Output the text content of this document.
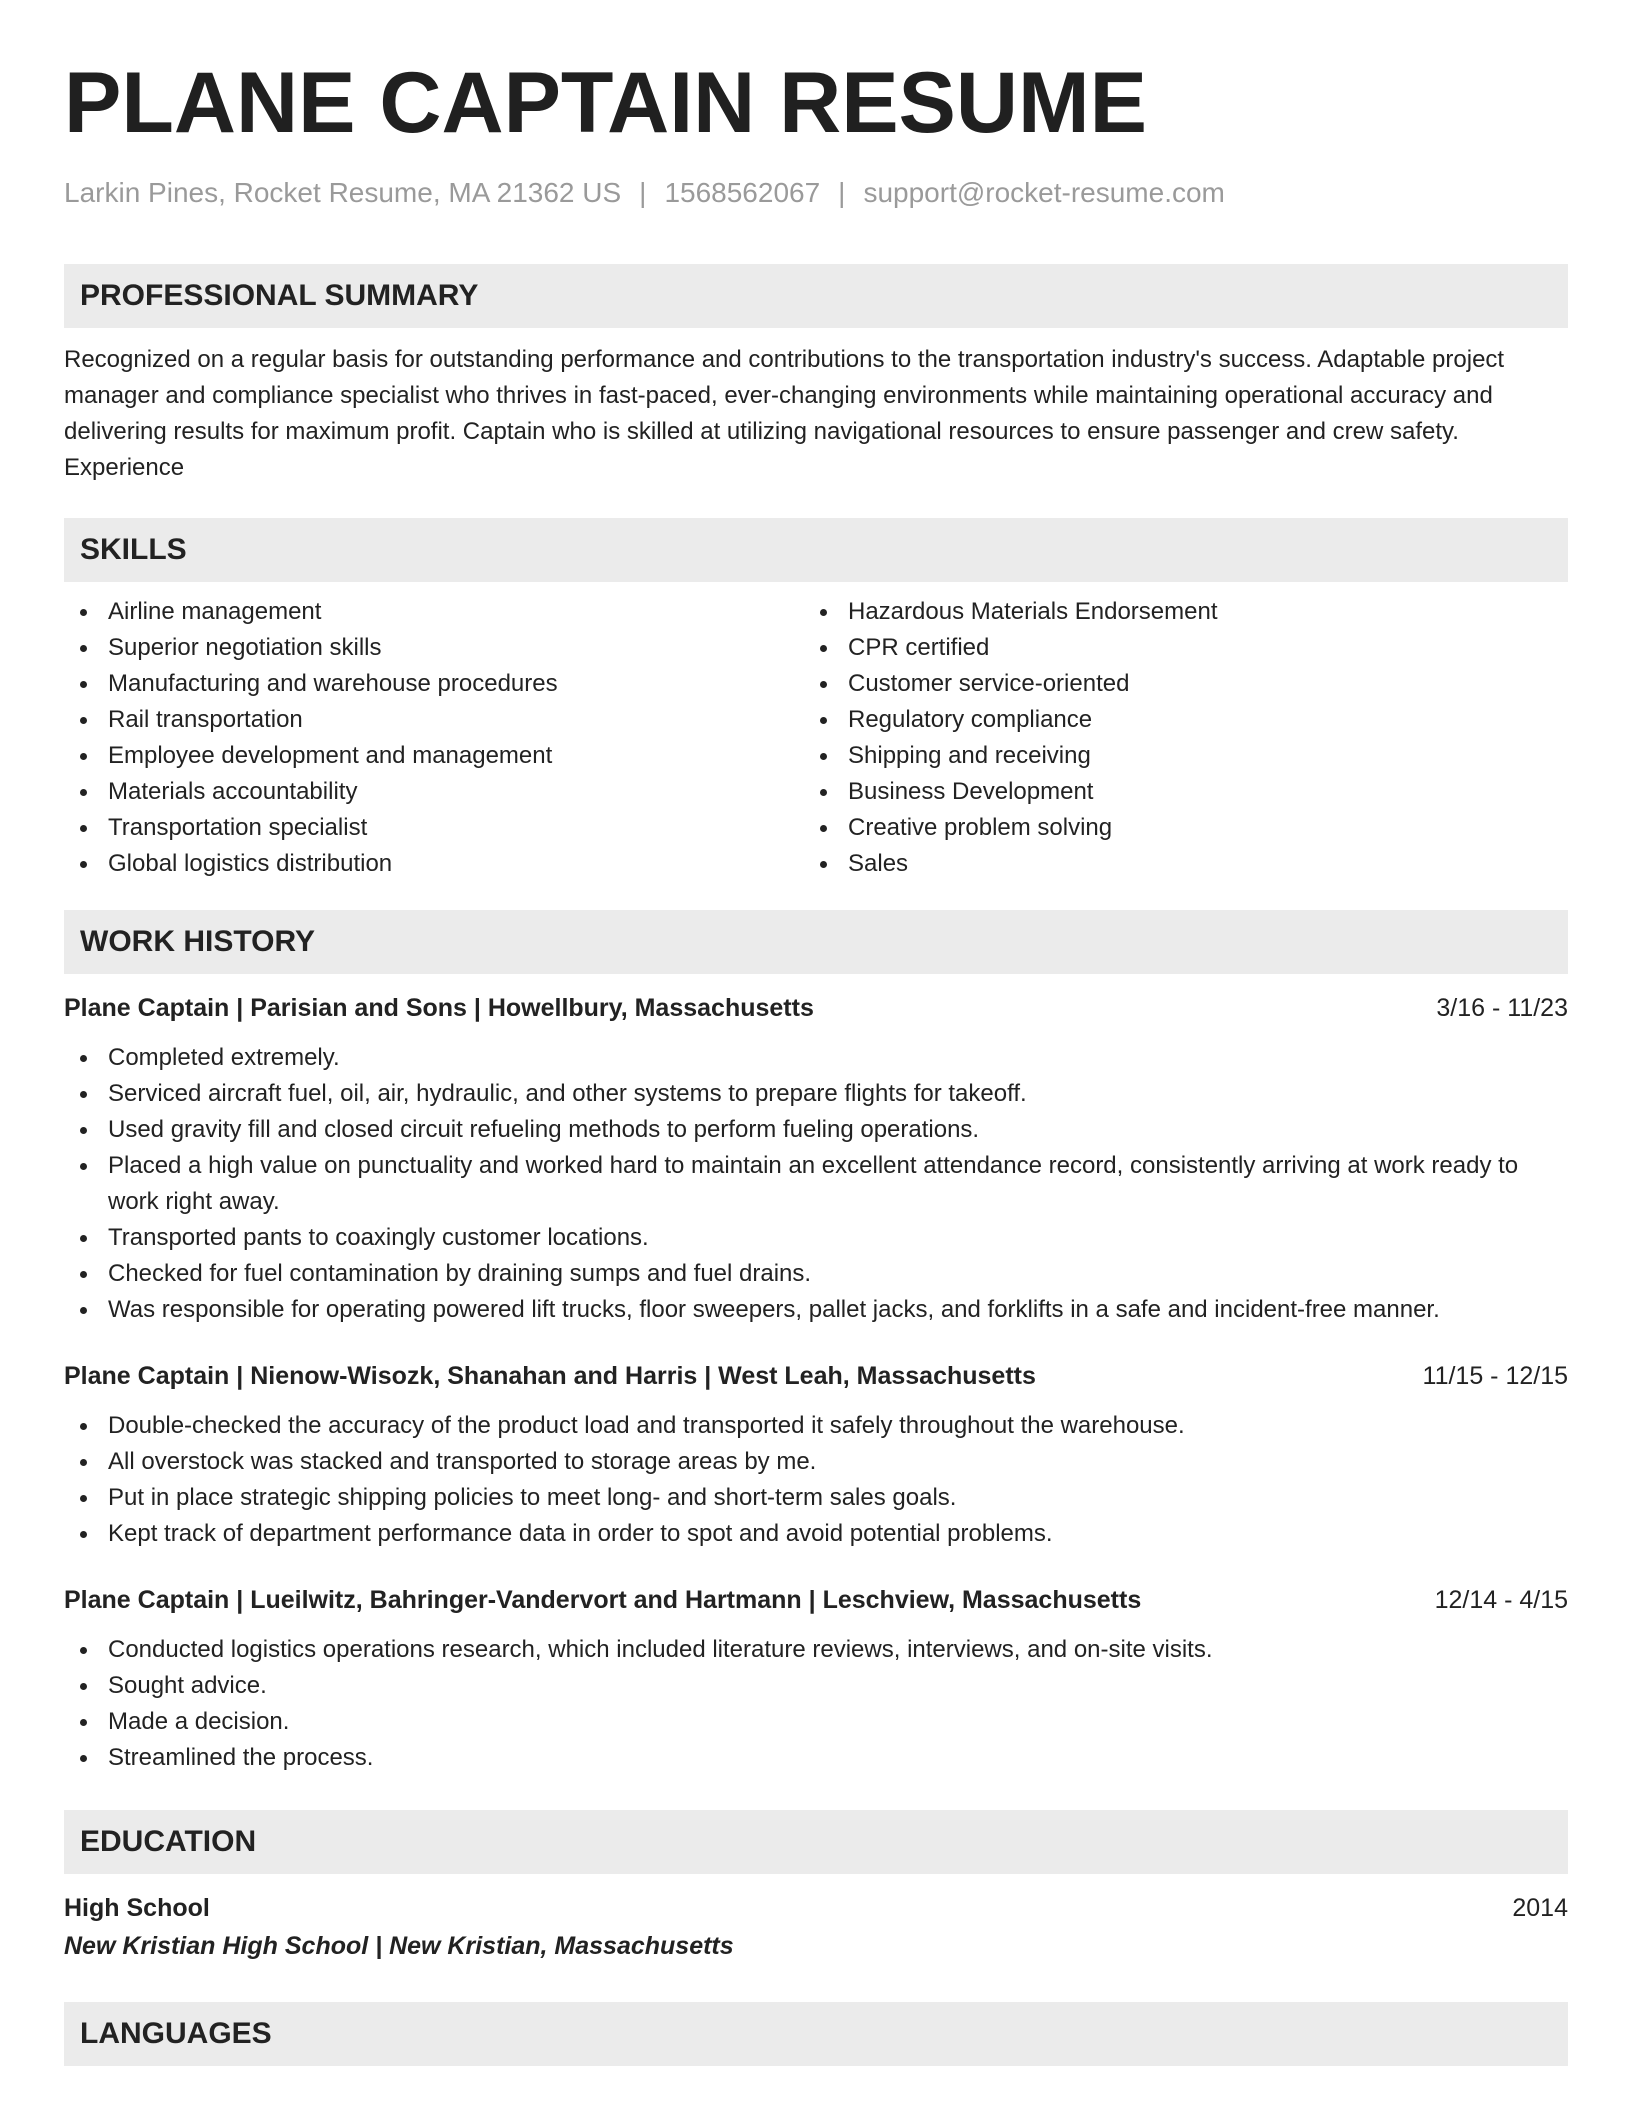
PLANE CAPTAIN RESUME
Larkin Pines, Rocket Resume, MA 21362 US | 1568562067 | support@rocket-resume.com
PROFESSIONAL SUMMARY
Recognized on a regular basis for outstanding performance and contributions to the transportation industry's success. Adaptable project manager and compliance specialist who thrives in fast-paced, ever-changing environments while maintaining operational accuracy and delivering results for maximum profit. Captain who is skilled at utilizing navigational resources to ensure passenger and crew safety. Experience
SKILLS
Airline management
Superior negotiation skills
Manufacturing and warehouse procedures
Rail transportation
Employee development and management
Materials accountability
Transportation specialist
Global logistics distribution
Hazardous Materials Endorsement
CPR certified
Customer service-oriented
Regulatory compliance
Shipping and receiving
Business Development
Creative problem solving
Sales
WORK HISTORY
Plane Captain | Parisian and Sons | Howellbury, Massachusetts	3/16 - 11/23
Completed extremely.
Serviced aircraft fuel, oil, air, hydraulic, and other systems to prepare flights for takeoff.
Used gravity fill and closed circuit refueling methods to perform fueling operations.
Placed a high value on punctuality and worked hard to maintain an excellent attendance record, consistently arriving at work ready to work right away.
Transported pants to coaxingly customer locations.
Checked for fuel contamination by draining sumps and fuel drains.
Was responsible for operating powered lift trucks, floor sweepers, pallet jacks, and forklifts in a safe and incident-free manner.
Plane Captain | Nienow-Wisozk, Shanahan and Harris | West Leah, Massachusetts	11/15 - 12/15
Double-checked the accuracy of the product load and transported it safely throughout the warehouse.
All overstock was stacked and transported to storage areas by me.
Put in place strategic shipping policies to meet long- and short-term sales goals.
Kept track of department performance data in order to spot and avoid potential problems.
Plane Captain | Lueilwitz, Bahringer-Vandervort and Hartmann | Leschview, Massachusetts	12/14 - 4/15
Conducted logistics operations research, which included literature reviews, interviews, and on-site visits.
Sought advice.
Made a decision.
Streamlined the process.
EDUCATION
High School	2014
New Kristian High School | New Kristian, Massachusetts
LANGUAGES
